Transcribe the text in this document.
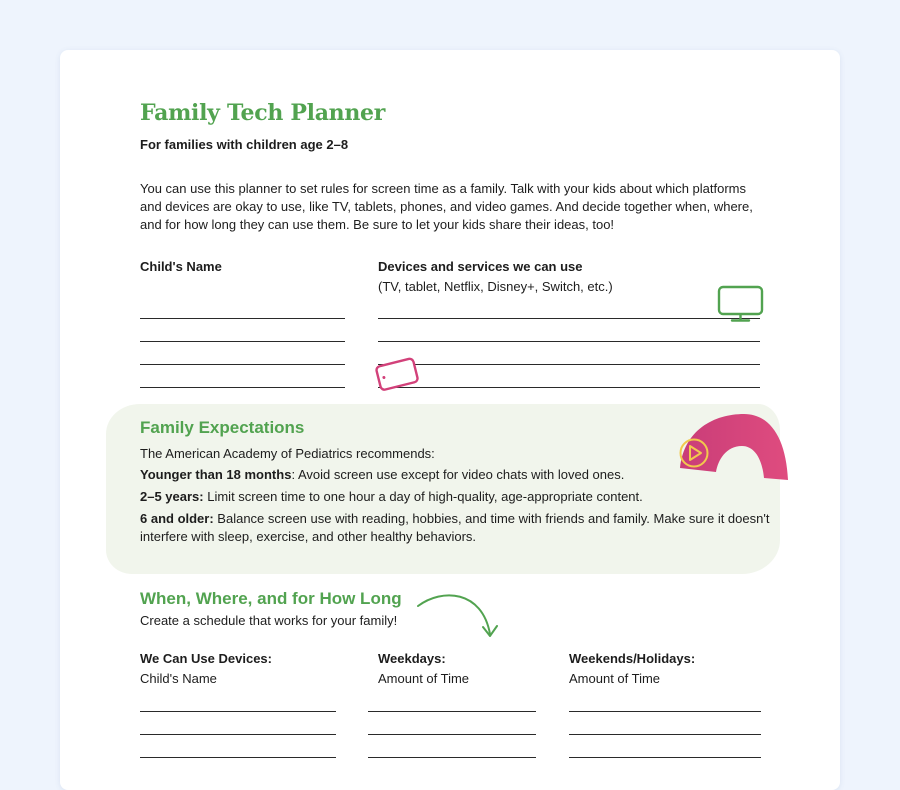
Family Tech Planner
For families with children age 2–8

You can use this planner to set rules for screen time as a family. Talk with your kids about which platforms and devices are okay to use, like TV, tablets, phones, and video games. And decide together when, where, and for how long they can use them. Be sure to let your kids share their ideas, too!

Child's Name	Devices and services we can use
(TV, tablet, Netflix, Disney+, Switch, etc.)
Family Expectations
The American Academy of Pediatrics recommends:
Younger than 18 months: Avoid screen use except for video chats with loved ones.
2–5 years: Limit screen time to one hour a day of high-quality, age-appropriate content.
6 and older: Balance screen use with reading, hobbies, and time with friends and family. Make sure it doesn't
interfere with sleep, exercise, and other healthy behaviors.
When, Where, and for How Long
Create a schedule that works for your family!
We Can Use Devices:
Child's Name
Weekdays:
Amount of Time
Weekends/Holidays:
Amount of Time
